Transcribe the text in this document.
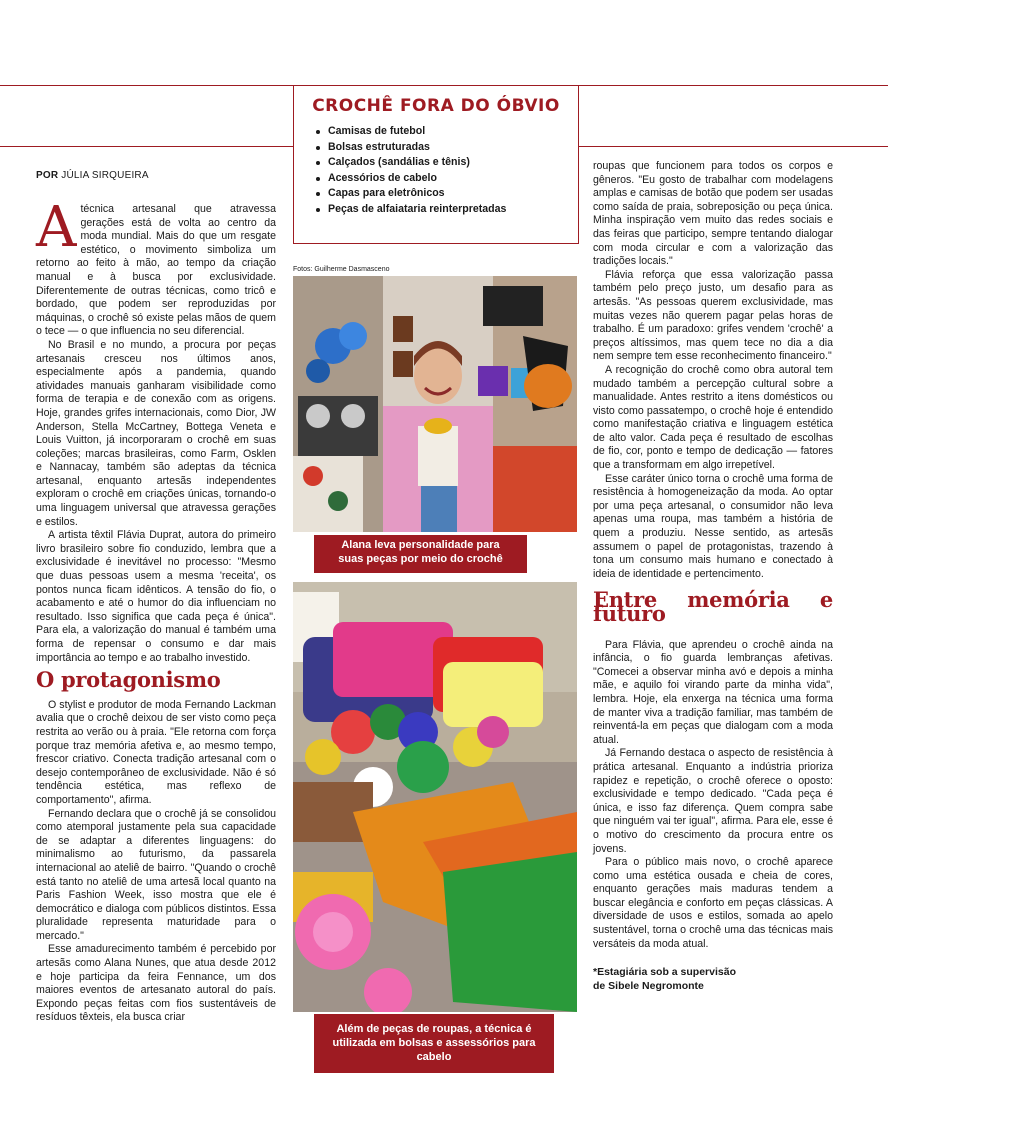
CROCHÊ FORA DO ÓBVIO
Camisas de futebol
Bolsas estruturadas
Calçados (sandálias e tênis)
Acessórios de cabelo
Capas para eletrônicos
Peças de alfaiataria reinterpretadas
POR JÚLIA SIRQUEIRA

Atécnica artesanal que atravessa gerações está de volta ao centro da moda mundial. Mais do que um resgate estético, o movimento simboliza um retorno ao feito à mão, ao tempo da criação manual e à busca por exclusividade. Diferentemente de outras técnicas, como tricô e bordado, que podem ser reproduzidas por máquinas, o crochê só existe pelas mãos de quem o tece — o que influencia no seu diferencial.

No Brasil e no mundo, a procura por peças artesanais cresceu nos últimos anos, especialmente após a pandemia, quando atividades manuais ganharam visibilidade como forma de terapia e de conexão com as origens. Hoje, grandes grifes internacionais, como Dior, JW Anderson, Stella McCartney, Bottega Veneta e Louis Vuitton, já incorporaram o crochê em suas coleções; marcas brasileiras, como Farm, Osklen e Nannacay, também são adeptas da técnica artesanal, enquanto artesãs independentes exploram o crochê em criações únicas, tornando-o uma linguagem universal que atravessa gerações e estilos.

A artista têxtil Flávia Duprat, autora do primeiro livro brasileiro sobre fio conduzido, lembra que a exclusividade é inevitável no processo: "Mesmo que duas pessoas usem a mesma 'receita', os pontos nunca ficam idênticos. A tensão do fio, o acabamento e até o humor do dia influenciam no resultado. Isso significa que cada peça é única". Para ela, a valorização do manual é também uma forma de repensar o consumo e dar mais importância ao tempo e ao trabalho investido.

O protagonismo

O stylist e produtor de moda Fernando Lackman avalia que o crochê deixou de ser visto como peça restrita ao verão ou à praia. "Ele retorna com força porque traz memória afetiva e, ao mesmo tempo, frescor criativo. Conecta tradição artesanal com o desejo contemporâneo de exclusividade. Não é só tendência estética, mas reflexo de comportamento", afirma.

Fernando declara que o crochê já se consolidou como atemporal justamente pela sua capacidade de se adaptar a diferentes linguagens: do minimalismo ao futurismo, da passarela internacional ao ateliê de bairro. "Quando o crochê está tanto no ateliê de uma artesã local quanto na Paris Fashion Week, isso mostra que ele é democrático e dialoga com públicos distintos. Essa pluralidade representa maturidade para o mercado."

Esse amadurecimento também é percebido por artesãs como Alana Nunes, que atua desde 2012 e hoje participa da feira Fennance, um dos maiores eventos de artesanato autoral do país. Expondo peças feitas com fios sustentáveis de resíduos têxteis, ela busca criar

Fotos: Guilherme Dasmasceno
Alana leva personalidade para suas peças por meio do crochê
Além de peças de roupas, a técnica é utilizada em bolsas e assessórios para cabelo

roupas que funcionem para todos os corpos e gêneros. "Eu gosto de trabalhar com modelagens amplas e camisas de botão que podem ser usadas como saída de praia, sobreposição ou peça única. Minha inspiração vem muito das redes sociais e das feiras que participo, sempre tentando dialogar com moda circular e com a valorização das tradições locais."

Flávia reforça que essa valorização passa também pelo preço justo, um desafio para as artesãs. "As pessoas querem exclusividade, mas muitas vezes não querem pagar pelas horas de trabalho. É um paradoxo: grifes vendem 'crochê' a preços altíssimos, mas quem tece no dia a dia nem sempre tem esse reconhecimento financeiro."

A recognição do crochê como obra autoral tem mudado também a percepção cultural sobre a manualidade. Antes restrito a itens domésticos ou visto como passatempo, o crochê hoje é entendido como manifestação criativa e linguagem estética de alto valor. Cada peça é resultado de escolhas de fio, cor, ponto e tempo de dedicação — fatores que a transformam em algo irrepetível.

Esse caráter único torna o crochê uma forma de resistência à homogeneização da moda. Ao optar por uma peça artesanal, o consumidor não leva apenas uma roupa, mas também a história de quem a produziu. Nesse sentido, as artesãs assumem o papel de protagonistas, trazendo à tona um consumo mais humano e conectado à ideia de identidade e pertencimento.

Entre memória e futuro

Para Flávia, que aprendeu o crochê ainda na infância, o fio guarda lembranças afetivas. "Comecei a observar minha avó e depois a minha mãe, e aquilo foi virando parte da minha vida", lembra. Hoje, ela enxerga na técnica uma forma de manter viva a tradição familiar, mas também de reinventá-la em peças que dialogam com a moda atual.

Já Fernando destaca o aspecto de resistência à prática artesanal. Enquanto a indústria prioriza rapidez e repetição, o crochê oferece o oposto: exclusividade e tempo dedicado. "Cada peça é única, e isso faz diferença. Quem compra sabe que ninguém vai ter igual", afirma. Para ele, esse é o motivo do crescimento da procura entre os jovens.

Para o público mais novo, o crochê aparece como uma estética ousada e cheia de cores, enquanto gerações mais maduras tendem a buscar elegância e conforto em peças clássicas. A diversidade de usos e estilos, somada ao apelo sustentável, torna o crochê uma das técnicas mais versáteis da moda atual.

*Estagiária sob a supervisão
de Sibele Negromonte
